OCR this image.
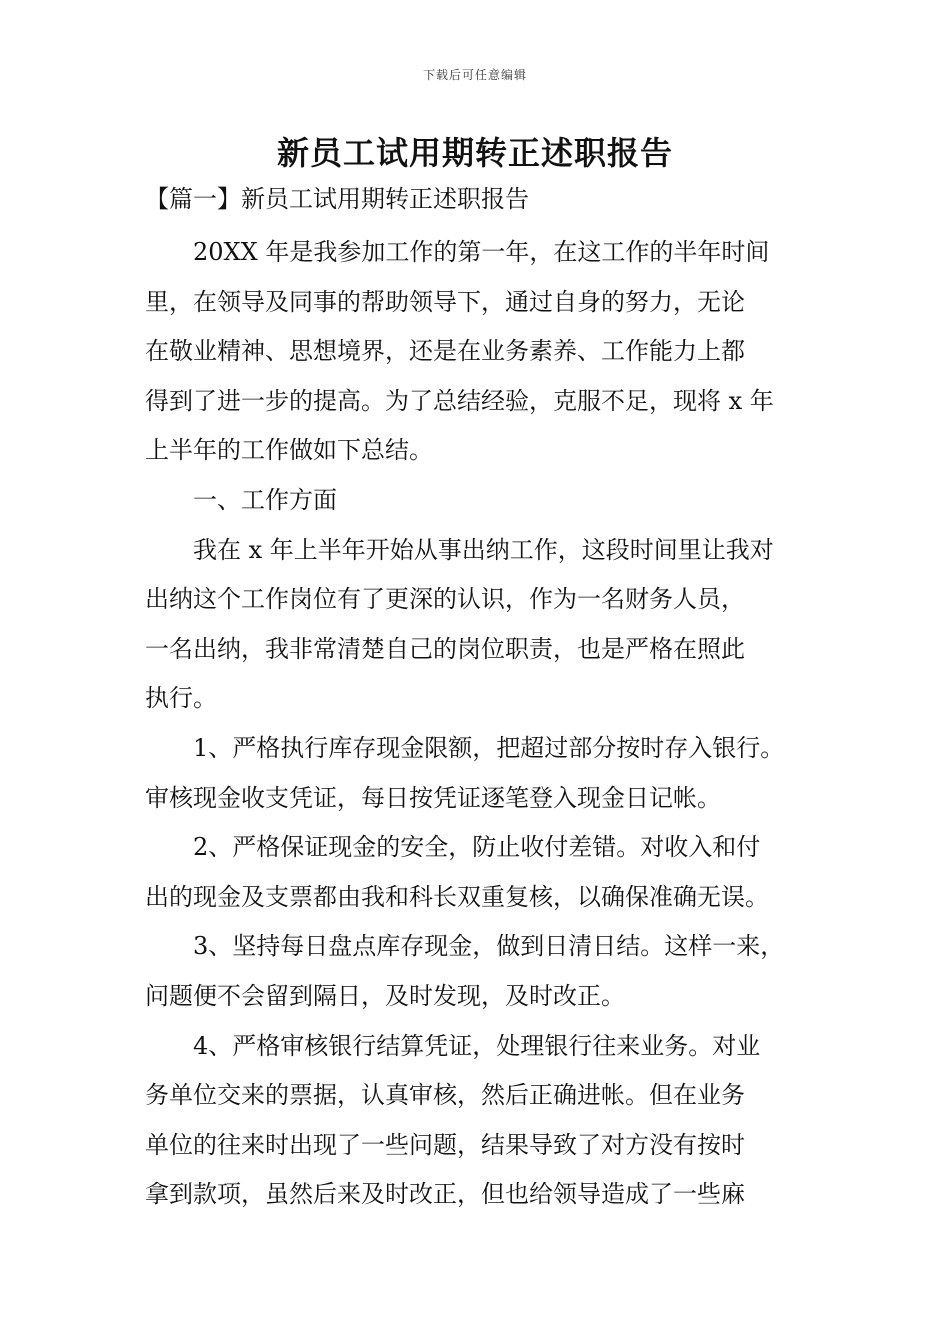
下载后可任意编辑
新员工试用期转正述职报告
【篇一】新员工试用期转正述职报告
20XX 年是我参加工作的第一年，在这工作的半年时间
里，在领导及同事的帮助领导下，通过自身的努力，无论
在敬业精神、思想境界，还是在业务素养、工作能力上都
得到了进一步的提高。为了总结经验，克服不足，现将 x 年
上半年的工作做如下总结。
一、工作方面
我在 x 年上半年开始从事出纳工作，这段时间里让我对
出纳这个工作岗位有了更深的认识，作为一名财务人员，
一名出纳，我非常清楚自己的岗位职责，也是严格在照此
执行。
1、严格执行库存现金限额，把超过部分按时存入银行。
审核现金收支凭证，每日按凭证逐笔登入现金日记帐。
2、严格保证现金的安全，防止收付差错。对收入和付
出的现金及支票都由我和科长双重复核，以确保准确无误。
3、坚持每日盘点库存现金，做到日清日结。这样一来，
问题便不会留到隔日，及时发现，及时改正。
4、严格审核银行结算凭证，处理银行往来业务。对业
务单位交来的票据，认真审核，然后正确进帐。但在业务
单位的往来时出现了一些问题，结果导致了对方没有按时
拿到款项，虽然后来及时改正，但也给领导造成了一些麻
